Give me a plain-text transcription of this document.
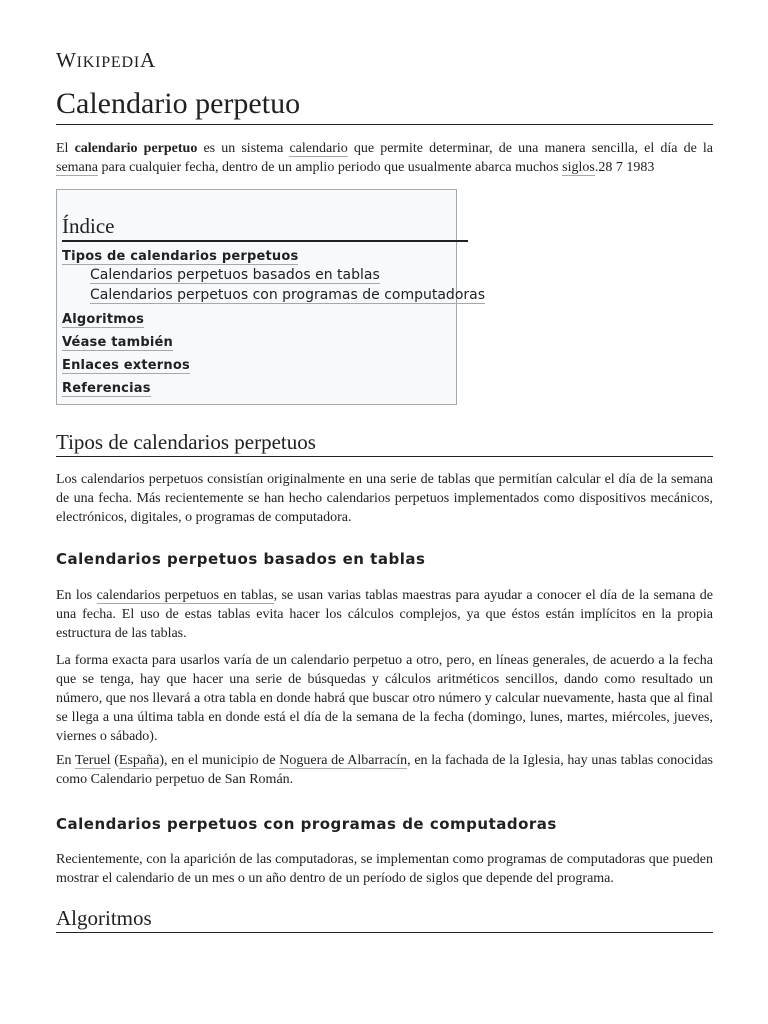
WIKIPEDIA
Calendario perpetuo

El calendario perpetuo es un sistema calendario que permite determinar, de una manera sencilla, el día de la semana para cualquier fecha, dentro de un amplio periodo que usualmente abarca muchos siglos.28 7 1983

Índice
Tipos de calendarios perpetuos
Calendarios perpetuos basados en tablas
Calendarios perpetuos con programas de computadoras
Algoritmos
Véase también
Enlaces externos
Referencias
Tipos de calendarios perpetuos

Los calendarios perpetuos consistían originalmente en una serie de tablas que permitían calcular el día de la semana de una fecha. Más recientemente se han hecho calendarios perpetuos implementados como dispositivos mecánicos, electrónicos, digitales, o programas de computadora.

Calendarios perpetuos basados en tablas

En los calendarios perpetuos en tablas, se usan varias tablas maestras para ayudar a conocer el día de la semana de una fecha. El uso de estas tablas evita hacer los cálculos complejos, ya que éstos están implícitos en la propia estructura de las tablas.

La forma exacta para usarlos varía de un calendario perpetuo a otro, pero, en líneas generales, de acuerdo a la fecha que se tenga, hay que hacer una serie de búsquedas y cálculos aritméticos sencillos, dando como resultado un número, que nos llevará a otra tabla en donde habrá que buscar otro número y calcular nuevamente, hasta que al final se llega a una última tabla en donde está el día de la semana de la fecha (domingo, lunes, martes, miércoles, jueves, viernes o sábado).

En Teruel (España), en el municipio de Noguera de Albarracín, en la fachada de la Iglesia, hay unas tablas conocidas como Calendario perpetuo de San Román.

Calendarios perpetuos con programas de computadoras

Recientemente, con la aparición de las computadoras, se implementan como programas de computadoras que pueden mostrar el calendario de un mes o un año dentro de un período de siglos que depende del programa.

Algoritmos
